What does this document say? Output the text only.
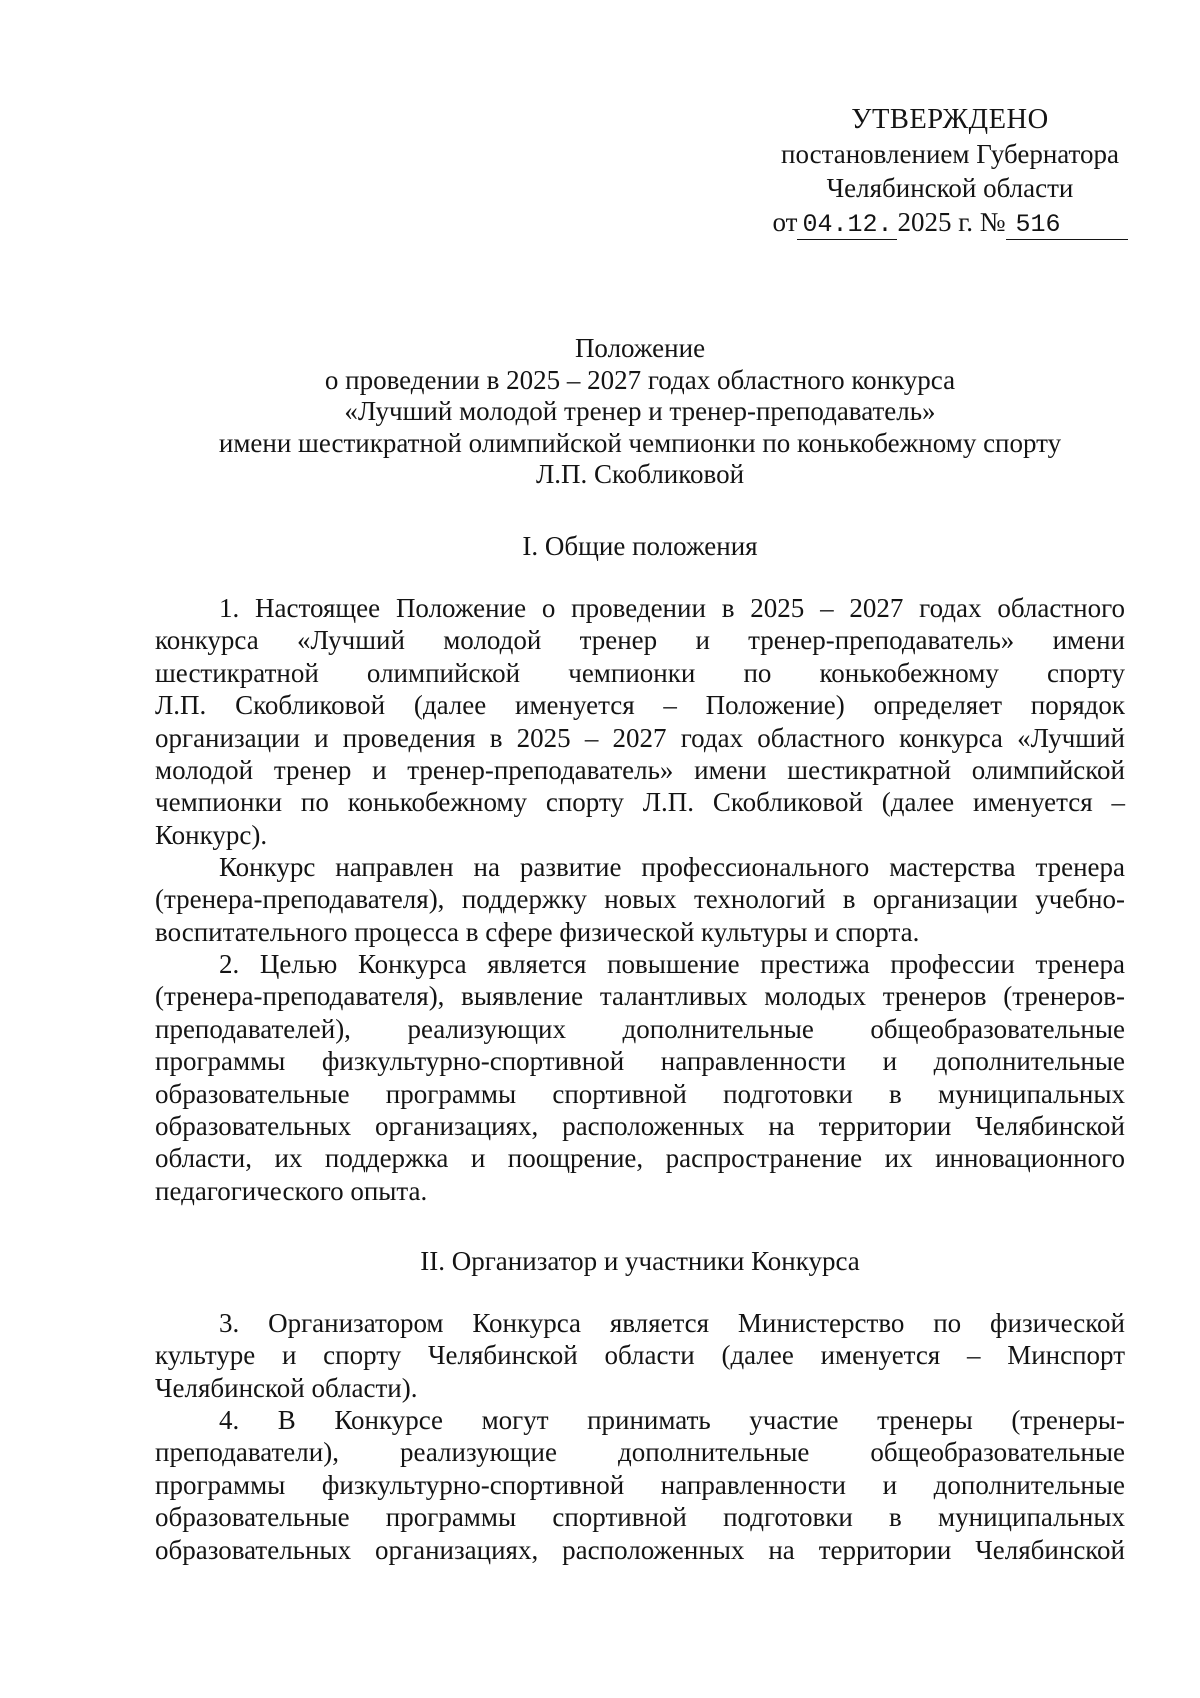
УТВЕРЖДЕНО
постановлением Губернатора
Челябинской области
от 04.12. 2025 г. № 516
Положение
о проведении в 2025 – 2027 годах областного конкурса
«Лучший молодой тренер и тренер-преподаватель»
имени шестикратной олимпийской чемпионки по конькобежному спорту
Л.П. Скобликовой
I. Общие положения
1. Настоящее Положение о проведении в 2025 – 2027 годах областного
конкурса «Лучший молодой тренер и тренер-преподаватель» имени
шестикратной олимпийской чемпионки по конькобежному спорту
Л.П. Скобликовой (далее именуется – Положение) определяет порядок
организации и проведения в 2025 – 2027 годах областного конкурса «Лучший
молодой тренер и тренер-преподаватель» имени шестикратной олимпийской
чемпионки по конькобежному спорту Л.П. Скобликовой (далее именуется –
Конкурс).
Конкурс направлен на развитие профессионального мастерства тренера
(тренера-преподавателя), поддержку новых технологий в организации учебно-
воспитательного процесса в сфере физической культуры и спорта.
2. Целью Конкурса является повышение престижа профессии тренера
(тренера-преподавателя), выявление талантливых молодых тренеров (тренеров-
преподавателей), реализующих дополнительные общеобразовательные
программы физкультурно-спортивной направленности и дополнительные
образовательные программы спортивной подготовки в муниципальных
образовательных организациях, расположенных на территории Челябинской
области, их поддержка и поощрение, распространение их инновационного
педагогического опыта.
II. Организатор и участники Конкурса
3. Организатором Конкурса является Министерство по физической
культуре и спорту Челябинской области (далее именуется – Минспорт
Челябинской области).
4. В Конкурсе могут принимать участие тренеры (тренеры-
преподаватели), реализующие дополнительные общеобразовательные
программы физкультурно-спортивной направленности и дополнительные
образовательные программы спортивной подготовки в муниципальных
образовательных организациях, расположенных на территории Челябинской
